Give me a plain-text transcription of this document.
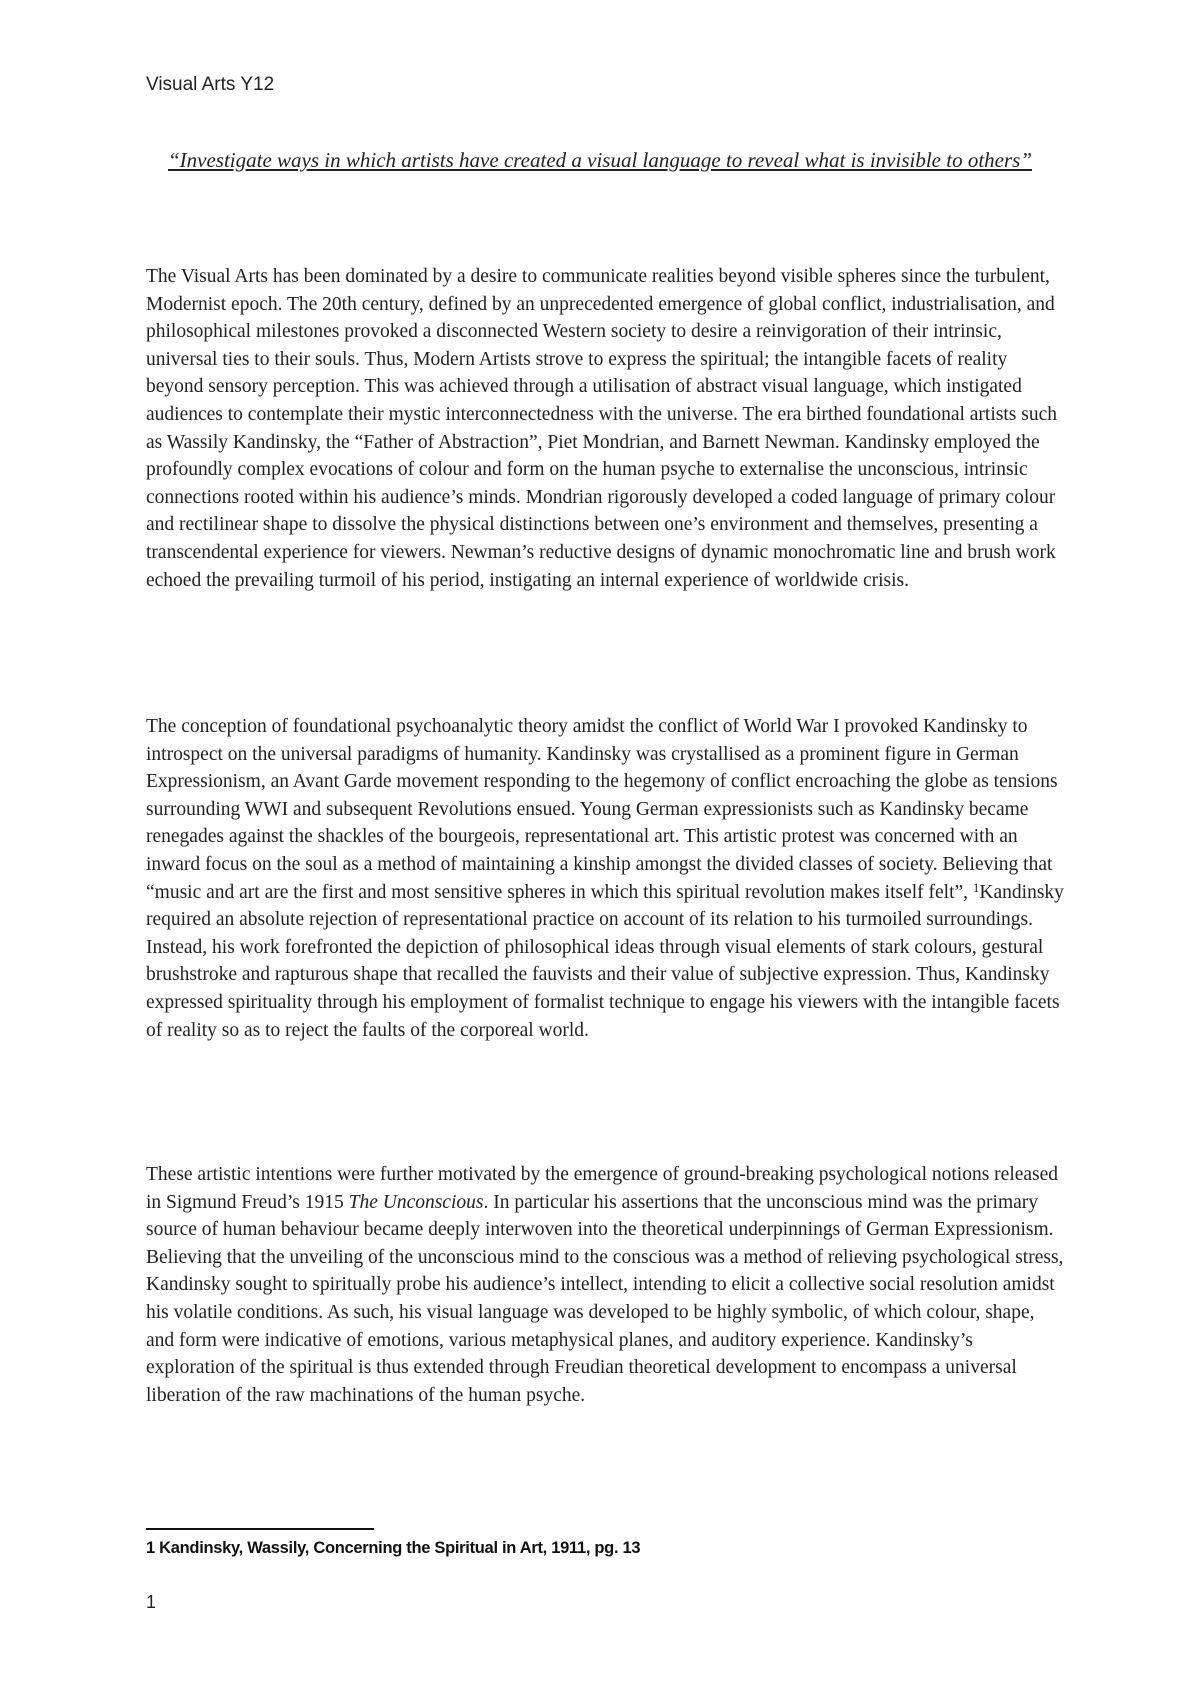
Visual Arts Y12
“Investigate ways in which artists have created a visual language to reveal what is invisible to others”

The Visual Arts has been dominated by a desire to communicate realities beyond visible spheres since the turbulent, Modernist epoch. The 20th century, defined by an unprecedented emergence of global conflict, industrialisation, and philosophical milestones provoked a disconnected Western society to desire a reinvigoration of their intrinsic, universal ties to their souls. Thus, Modern Artists strove to express the spiritual; the intangible facets of reality beyond sensory perception. This was achieved through a utilisation of abstract visual language, which instigated audiences to contemplate their mystic interconnectedness with the universe. The era birthed foundational artists such as Wassily Kandinsky, the “Father of Abstraction”, Piet Mondrian, and Barnett Newman. Kandinsky employed the profoundly complex evocations of colour and form on the human psyche to externalise the unconscious, intrinsic connections rooted within his audience’s minds. Mondrian rigorously developed a coded language of primary colour and rectilinear shape to dissolve the physical distinctions between one’s environment and themselves, presenting a transcendental experience for viewers. Newman’s reductive designs of dynamic monochromatic line and brush work echoed the prevailing turmoil of his period, instigating an internal experience of worldwide crisis.

The conception of foundational psychoanalytic theory amidst the conflict of World War I provoked Kandinsky to introspect on the universal paradigms of humanity. Kandinsky was crystallised as a prominent figure in German Expressionism, an Avant Garde movement responding to the hegemony of conflict encroaching the globe as tensions surrounding WWI and subsequent Revolutions ensued. Young German expressionists such as Kandinsky became renegades against the shackles of the bourgeois, representational art. This artistic protest was concerned with an inward focus on the soul as a method of maintaining a kinship amongst the divided classes of society. Believing that “music and art are the first and most sensitive spheres in which this spiritual revolution makes itself felt”, $^1$Kandinsky required an absolute rejection of representational practice on account of its relation to his turmoiled surroundings. Instead, his work forefronted the depiction of philosophical ideas through visual elements of stark colours, gestural brushstroke and rapturous shape that recalled the fauvists and their value of subjective expression. Thus, Kandinsky expressed spirituality through his employment of formalist technique to engage his viewers with the intangible facets of reality so as to reject the faults of the corporeal world.

These artistic intentions were further motivated by the emergence of ground-breaking psychological notions released in Sigmund Freud’s 1915 The Unconscious. In particular his assertions that the unconscious mind was the primary source of human behaviour became deeply interwoven into the theoretical underpinnings of German Expressionism. Believing that the unveiling of the unconscious mind to the conscious was a method of relieving psychological stress, Kandinsky sought to spiritually probe his audience’s intellect, intending to elicit a collective social resolution amidst his volatile conditions. As such, his visual language was developed to be highly symbolic, of which colour, shape, and form were indicative of emotions, various metaphysical planes, and auditory experience. Kandinsky’s exploration of the spiritual is thus extended through Freudian theoretical development to encompass a universal liberation of the raw machinations of the human psyche.

1 Kandinsky, Wassily, Concerning the Spiritual in Art, 1911, pg. 13
1
